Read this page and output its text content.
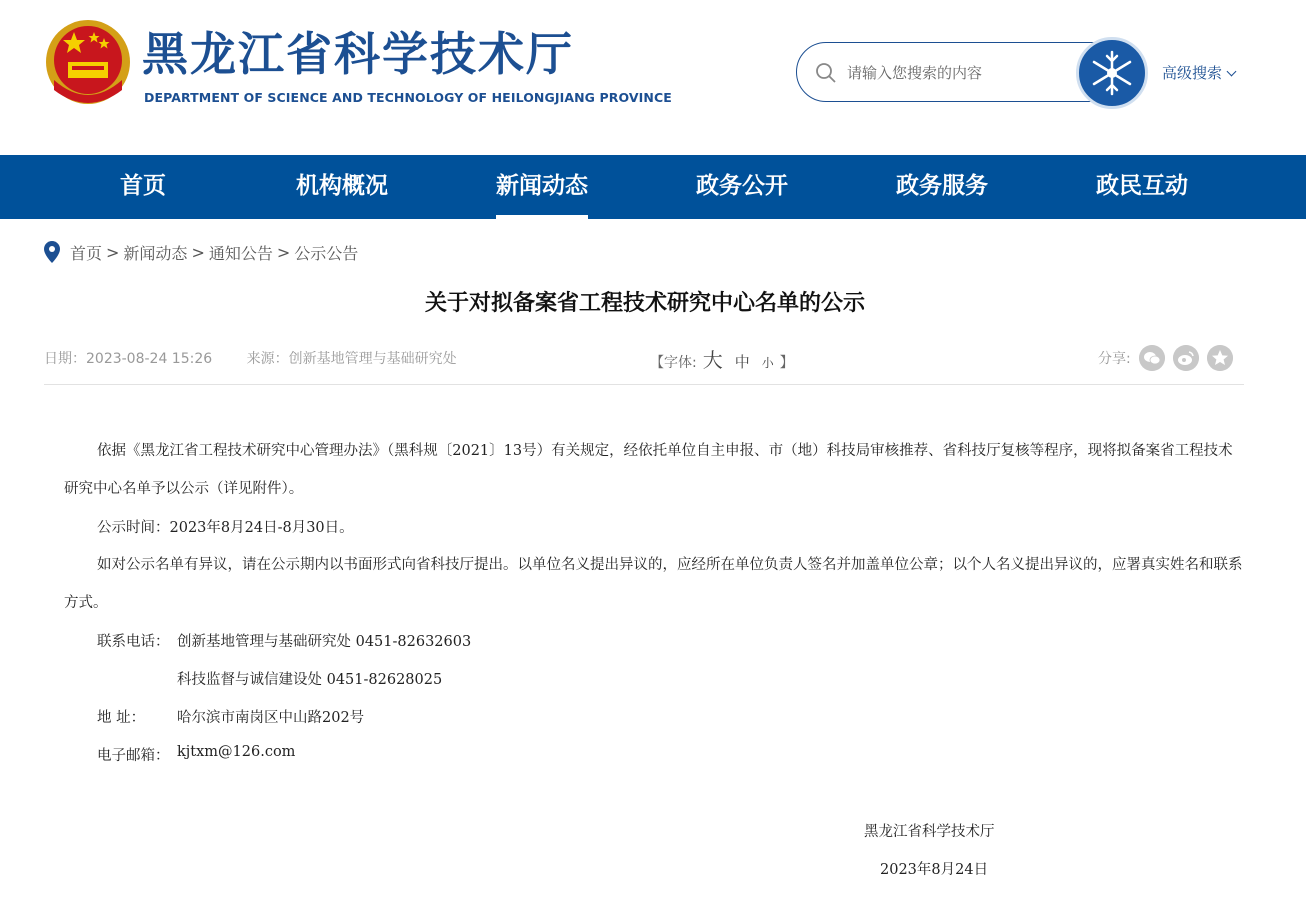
黑龙江省科学技术厅
DEPARTMENT OF SCIENCE AND TECHNOLOGY OF HEILONGJIANG PROVINCE
请输入您搜索的内容
高级搜索
首页	机构概况	新闻动态	政务公开	政务服务	政民互动
首页 > 新闻动态 > 通知公告 > 公示公告
关于对拟备案省工程技术研究中心名单的公示
日期：2023-08-24 15:26 来源：创新基地管理与基础研究处	【字体: 大 中 小 】	分享:

依据《黑龙江省工程技术研究中心管理办法》（黑科规〔2021〕13号）有关规定，经依托单位自主申报、市（地）科技局审核推荐、省科技厅复核等程序，现将拟备案省工程技术研究中心名单予以公示（详见附件）。

公示时间：2023年8月24日-8月30日。

如对公示名单有异议，请在公示期内以书面形式向省科技厅提出。以单位名义提出异议的，应经所在单位负责人签名并加盖单位公章；以个人名义提出异议的，应署真实姓名和联系方式。

联系电话： 创新基地管理与基础研究处 0451-82632603
科技监督与诚信建设处 0451-82628025
地 址： 哈尔滨市南岗区中山路202号
电子邮箱： kjtxm@126.com
黑龙江省科学技术厅
2023年8月24日
